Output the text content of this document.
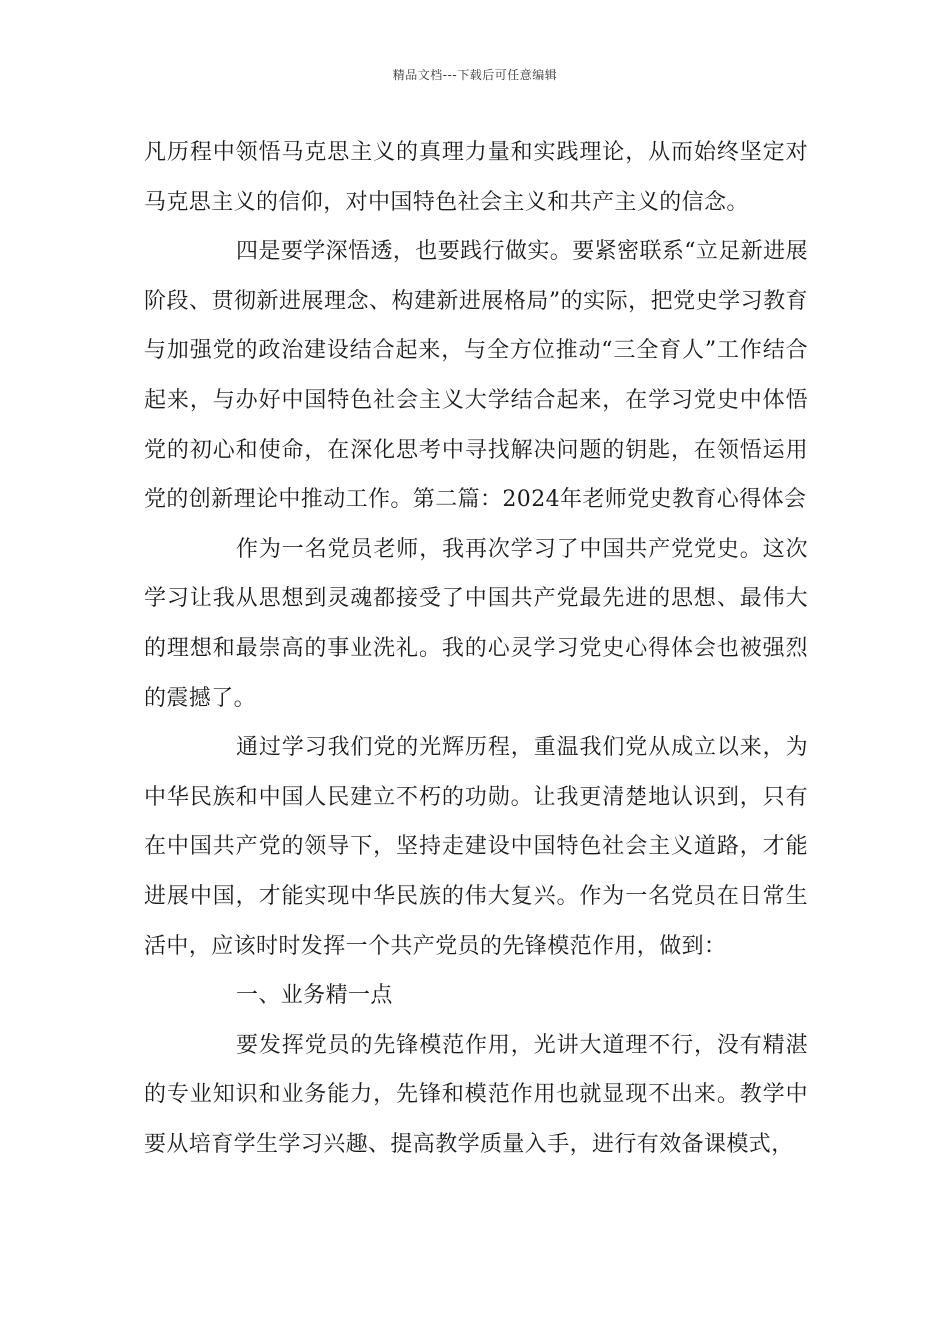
精品文档---下载后可任意编辑

凡历程中领悟马克思主义的真理力量和实践理论，从而始终坚定对马克思主义的信仰，对中国特色社会主义和共产主义的信念。

四是要学深悟透，也要践行做实。要紧密联系“立足新进展阶段、贯彻新进展理念、构建新进展格局”的实际，把党史学习教育与加强党的政治建设结合起来，与全方位推动“三全育人”工作结合起来，与办好中国特色社会主义大学结合起来，在学习党史中体悟党的初心和使命，在深化思考中寻找解决问题的钥匙，在领悟运用党的创新理论中推动工作。第二篇：2024年老师党史教育心得体会

作为一名党员老师，我再次学习了中国共产党党史。这次学习让我从思想到灵魂都接受了中国共产党最先进的思想、最伟大的理想和最崇高的事业洗礼。我的心灵学习党史心得体会也被强烈的震撼了。

通过学习我们党的光辉历程，重温我们党从成立以来，为中华民族和中国人民建立不朽的功勋。让我更清楚地认识到，只有在中国共产党的领导下，坚持走建设中国特色社会主义道路，才能进展中国，才能实现中华民族的伟大复兴。作为一名党员在日常生活中，应该时时发挥一个共产党员的先锋模范作用，做到：

一、业务精一点

要发挥党员的先锋模范作用，光讲大道理不行，没有精湛的专业知识和业务能力，先锋和模范作用也就显现不出来。教学中要从培育学生学习兴趣、提高教学质量入手，进行有效备课模式，
